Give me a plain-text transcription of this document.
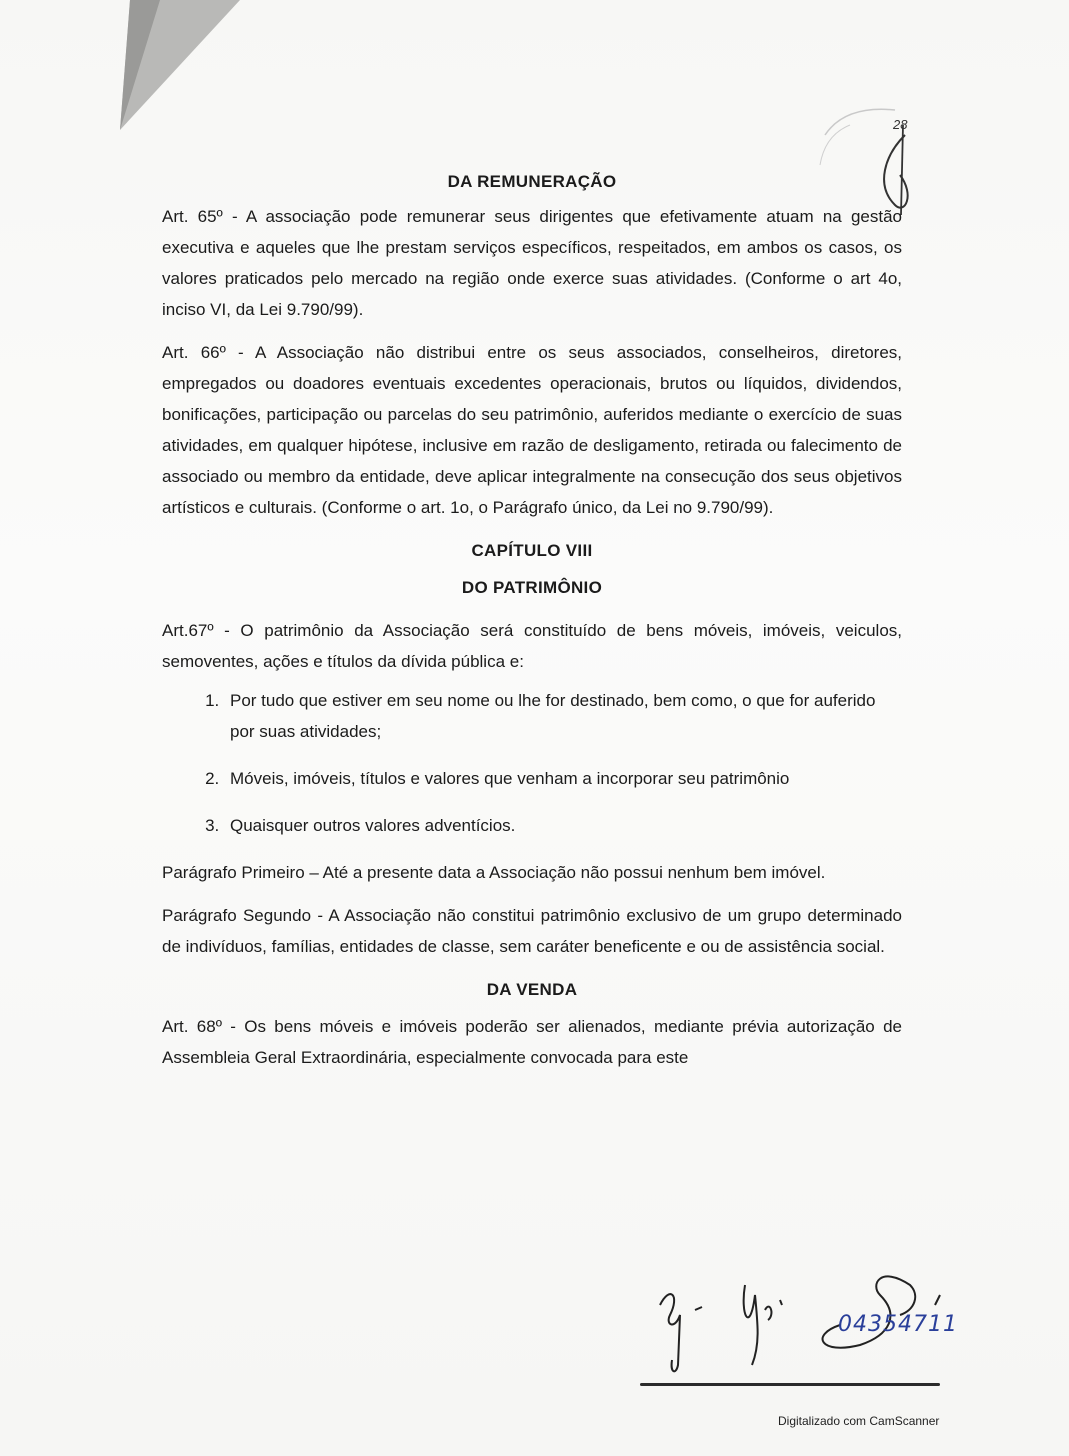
28
DA REMUNERAÇÃO

Art. 65º - A associação pode remunerar seus dirigentes que efetivamente atuam na gestão executiva e aqueles que lhe prestam serviços específicos, respeitados, em ambos os casos, os valores praticados pelo mercado na região onde exerce suas atividades. (Conforme o art 4o, inciso VI, da Lei 9.790/99).

Art. 66º - A Associação não distribui entre os seus associados, conselheiros, diretores, empregados ou doadores eventuais excedentes operacionais, brutos ou líquidos, dividendos, bonificações, participação ou parcelas do seu patrimônio, auferidos mediante o exercício de suas atividades, em qualquer hipótese, inclusive em razão de desligamento, retirada ou falecimento de associado ou membro da entidade, deve aplicar integralmente na consecução dos seus objetivos artísticos e culturais. (Conforme o art. 1o, o Parágrafo único, da Lei no 9.790/99).

CAPÍTULO VIII
DO PATRIMÔNIO

Art.67º - O patrimônio da Associação será constituído de bens móveis, imóveis, veiculos, semoventes, ações e títulos da dívida pública e:

1. Por tudo que estiver em seu nome ou lhe for destinado, bem como, o que for auferido por suas atividades;
2. Móveis, imóveis, títulos e valores que venham a incorporar seu patrimônio
3. Quaisquer outros valores adventícios.

Parágrafo Primeiro – Até a presente data a Associação não possui nenhum bem imóvel.

Parágrafo Segundo - A Associação não constitui patrimônio exclusivo de um grupo determinado de indivíduos, famílias, entidades de classe, sem caráter beneficente e ou de assistência social.

DA VENDA

Art. 68º - Os bens móveis e imóveis poderão ser alienados, mediante prévia autorização de Assembleia Geral Extraordinária, especialmente convocada para este

04354711
Digitalizado com CamScanner
